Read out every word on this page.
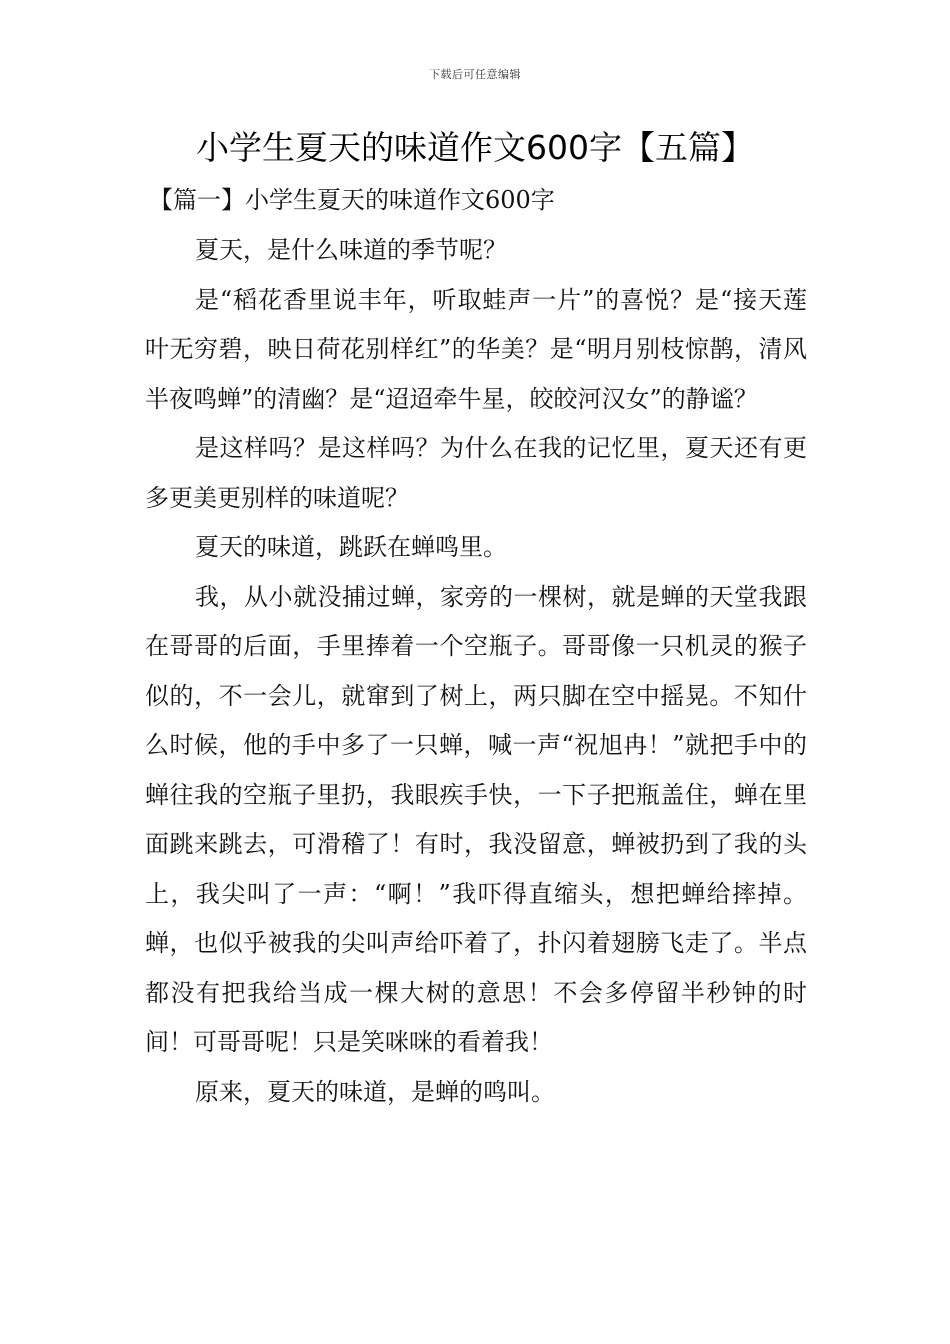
下载后可任意编辑
小学生夏天的味道作文600字【五篇】

【篇一】小学生夏天的味道作文600字

夏天，是什么味道的季节呢？

是“稻花香里说丰年，听取蛙声一片”的喜悦？是“接天莲叶无穷碧，映日荷花别样红”的华美？是“明月别枝惊鹊，清风半夜鸣蝉”的清幽？是“迢迢牵牛星，皎皎河汉女”的静谧？

是这样吗？是这样吗？为什么在我的记忆里，夏天还有更多更美更别样的味道呢？

夏天的味道，跳跃在蝉鸣里。

我，从小就没捕过蝉，家旁的一棵树，就是蝉的天堂我跟在哥哥的后面，手里捧着一个空瓶子。哥哥像一只机灵的猴子似的，不一会儿，就窜到了树上，两只脚在空中摇晃。不知什么时候，他的手中多了一只蝉，喊一声“祝旭冉！”就把手中的蝉往我的空瓶子里扔，我眼疾手快，一下子把瓶盖住，蝉在里面跳来跳去，可滑稽了！有时，我没留意，蝉被扔到了我的头上，我尖叫了一声：“啊！”我吓得直缩头，想把蝉给摔掉。蝉，也似乎被我的尖叫声给吓着了，扑闪着翅膀飞走了。半点都没有把我给当成一棵大树的意思！不会多停留半秒钟的时间！可哥哥呢！只是笑咪咪的看着我！

原来，夏天的味道，是蝉的鸣叫。
